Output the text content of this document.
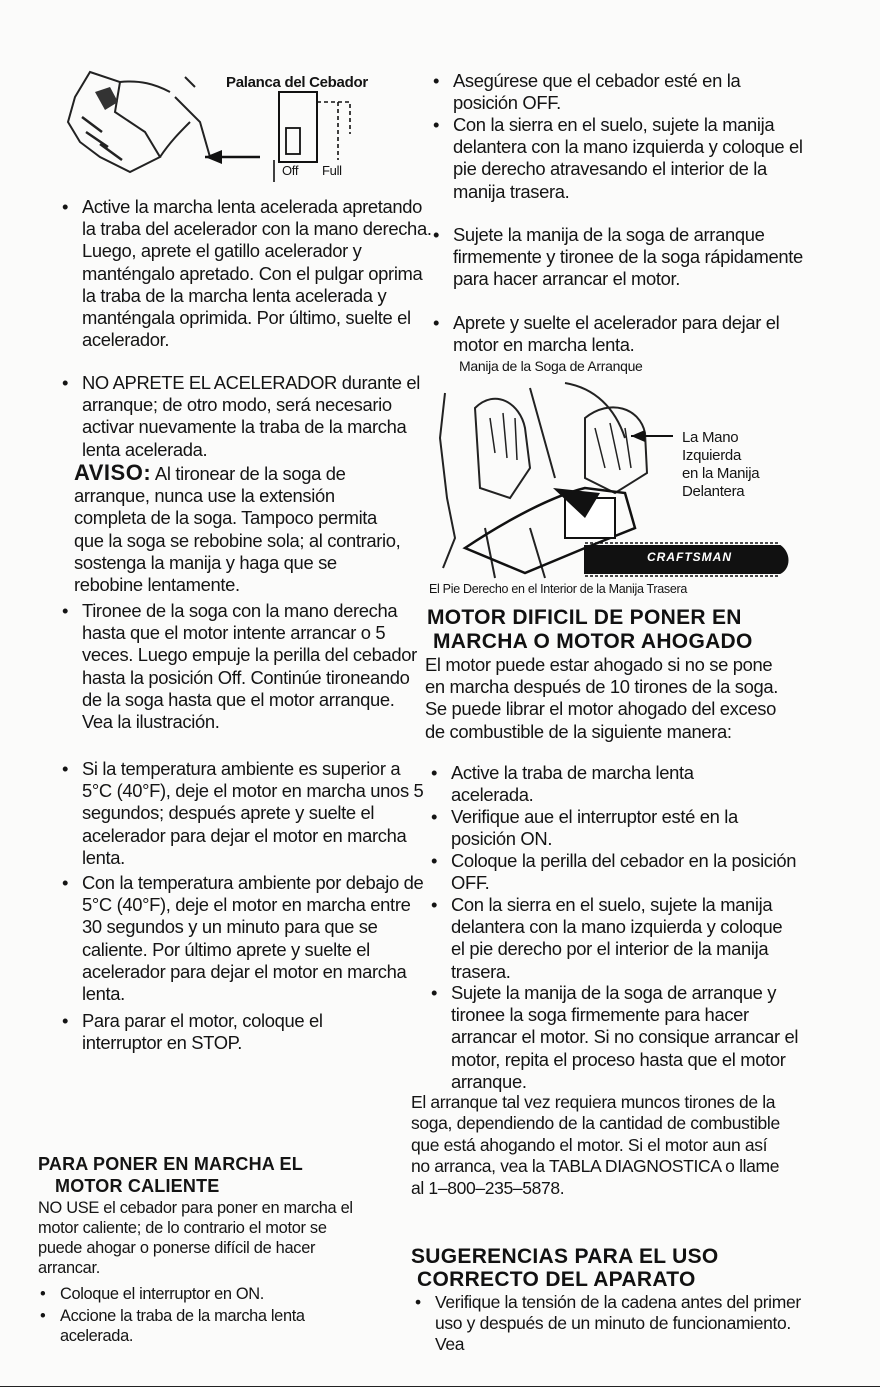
Palanca del Cebador
Off Full

• Active la marcha lenta acelerada apretando la traba del acelerador con la mano derecha. Luego, aprete el gatillo acelerador y manténgalo apretado. Con el pulgar oprima la traba de la marcha lenta acelerada y manténgala oprimida. Por último, suelte el acelerador.

• NO APRETE EL ACELERADOR durante el arranque; de otro modo, será necesario activar nuevamente la traba de la marcha lenta acelerada.

AVISO: Al tironear de la soga de arranque, nunca use la extensión completa de la soga. Tampoco permita que la soga se rebobine sola; al contrario, sostenga la manija y haga que se rebobine lentamente.

• Tironee de la soga con la mano derecha hasta que el motor intente arrancar o 5 veces. Luego empuje la perilla del cebador hasta la posición Off. Continúe tironeando de la soga hasta que el motor arranque. Vea la ilustración.

• Si la temperatura ambiente es superior a 5°C (40°F), deje el motor en marcha unos 5 segundos; después aprete y suelte el acelerador para dejar el motor en marcha lenta.

• Con la temperatura ambiente por debajo de 5°C (40°F), deje el motor en marcha entre 30 segundos y un minuto para que se caliente. Por último aprete y suelte el acelerador para dejar el motor en marcha lenta.

• Para parar el motor, coloque el interruptor en STOP.

PARA PONER EN MARCHA EL

MOTOR CALIENTE

NO USE el cebador para poner en marcha el motor caliente; de lo contrario el motor se puede ahogar o ponerse difícil de hacer arrancar.

• Coloque el interruptor en ON.

• Accione la traba de la marcha lenta acelerada.

• Asegúrese que el cebador esté en la posición OFF.

• Con la sierra en el suelo, sujete la manija delantera con la mano izquierda y coloque el pie derecho atravesando el interior de la manija trasera.

• Sujete la manija de la soga de arranque firmemente y tironee de la soga rápidamente para hacer arrancar el motor.

• Aprete y suelte el acelerador para dejar el motor en marcha lenta.

Manija de la Soga de Arranque
La Mano
Izquierda
en la Manija
Delantera
CRAFTSMAN
El Pie Derecho en el Interior de la Manija Trasera

MOTOR DIFICIL DE PONER EN

MARCHA O MOTOR AHOGADO

El motor puede estar ahogado si no se pone en marcha después de 10 tirones de la soga. Se puede librar el motor ahogado del exceso de combustible de la siguiente manera:

• Active la traba de marcha lenta acelerada.

• Verifique aue el interruptor esté en la posición ON.

• Coloque la perilla del cebador en la posición OFF.

• Con la sierra en el suelo, sujete la manija delantera con la mano izquierda y coloque el pie derecho por el interior de la manija trasera.

• Sujete la manija de la soga de arranque y tironee la soga firmemente para hacer arrancar el motor. Si no consique arrancar el motor, repita el proceso hasta que el motor arranque.

El arranque tal vez requiera muncos tirones de la soga, dependiendo de la cantidad de combustible que está ahogando el motor. Si el motor aun así no arranca, vea la TABLA DIAGNOSTICA o llame al 1–800–235–5878.

SUGERENCIAS PARA EL USO

CORRECTO DEL APARATO

• Verifique la tensión de la cadena antes del primer uso y después de un minuto de funcionamiento. Vea
